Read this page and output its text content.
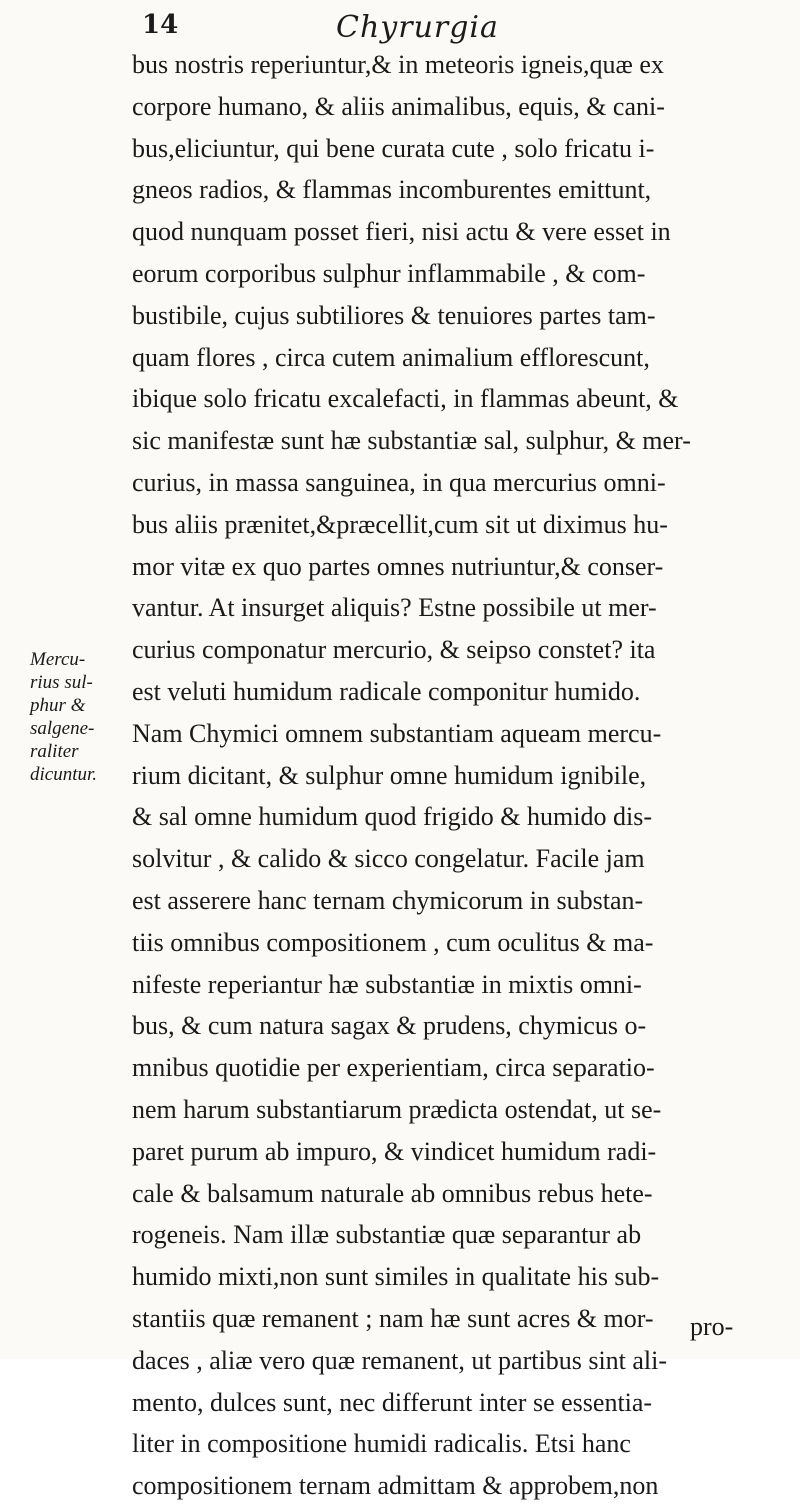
14	Chyrurgia
Mercu-
rius sul-
phur &
salgene-
raliter
dicuntur.
bus nostris reperiuntur,& in meteoris igneis,quæ ex
corpore humano, & aliis animalibus, equis, & cani-
bus,eliciuntur, qui bene curata cute , solo fricatu i-
gneos radios, & flammas incomburentes emittunt,
quod nunquam posset fieri, nisi actu & vere esset in
eorum corporibus sulphur inflammabile , & com-
bustibile, cujus subtiliores & tenuiores partes tam-
quam flores , circa cutem animalium efflorescunt,
ibique solo fricatu excalefacti, in flammas abeunt, &
sic manifestæ sunt hæ substantiæ sal, sulphur, & mer-
curius, in massa sanguinea, in qua mercurius omni-
bus aliis prænitet,&præcellit,cum sit ut diximus hu-
mor vitæ ex quo partes omnes nutriuntur,& conser-
vantur. At insurget aliquis? Estne possibile ut mer-
curius componatur mercurio, & seipso constet? ita
est veluti humidum radicale componitur humido.
Nam Chymici omnem substantiam aqueam mercu-
rium dicitant, & sulphur omne humidum ignibile,
& sal omne humidum quod frigido & humido dis-
solvitur , & calido & sicco congelatur. Facile jam
est asserere hanc ternam chymicorum in substan-
tiis omnibus compositionem , cum oculitus & ma-
nifeste reperiantur hæ substantiæ in mixtis omni-
bus, & cum natura sagax & prudens, chymicus o-
mnibus quotidie per experientiam, circa separatio-
nem harum substantiarum prædicta ostendat, ut se-
paret purum ab impuro, & vindicet humidum radi-
cale & balsamum naturale ab omnibus rebus hete-
rogeneis. Nam illæ substantiæ quæ separantur ab
humido mixti,non sunt similes in qualitate his sub-
stantiis quæ remanent ; nam hæ sunt acres & mor-
daces , aliæ vero quæ remanent, ut partibus sint ali-
mento, dulces sunt, nec differunt inter se essentia-
liter in compositione humidi radicalis. Etsi hanc
compositionem ternam admittam & approbem,non
pro-
